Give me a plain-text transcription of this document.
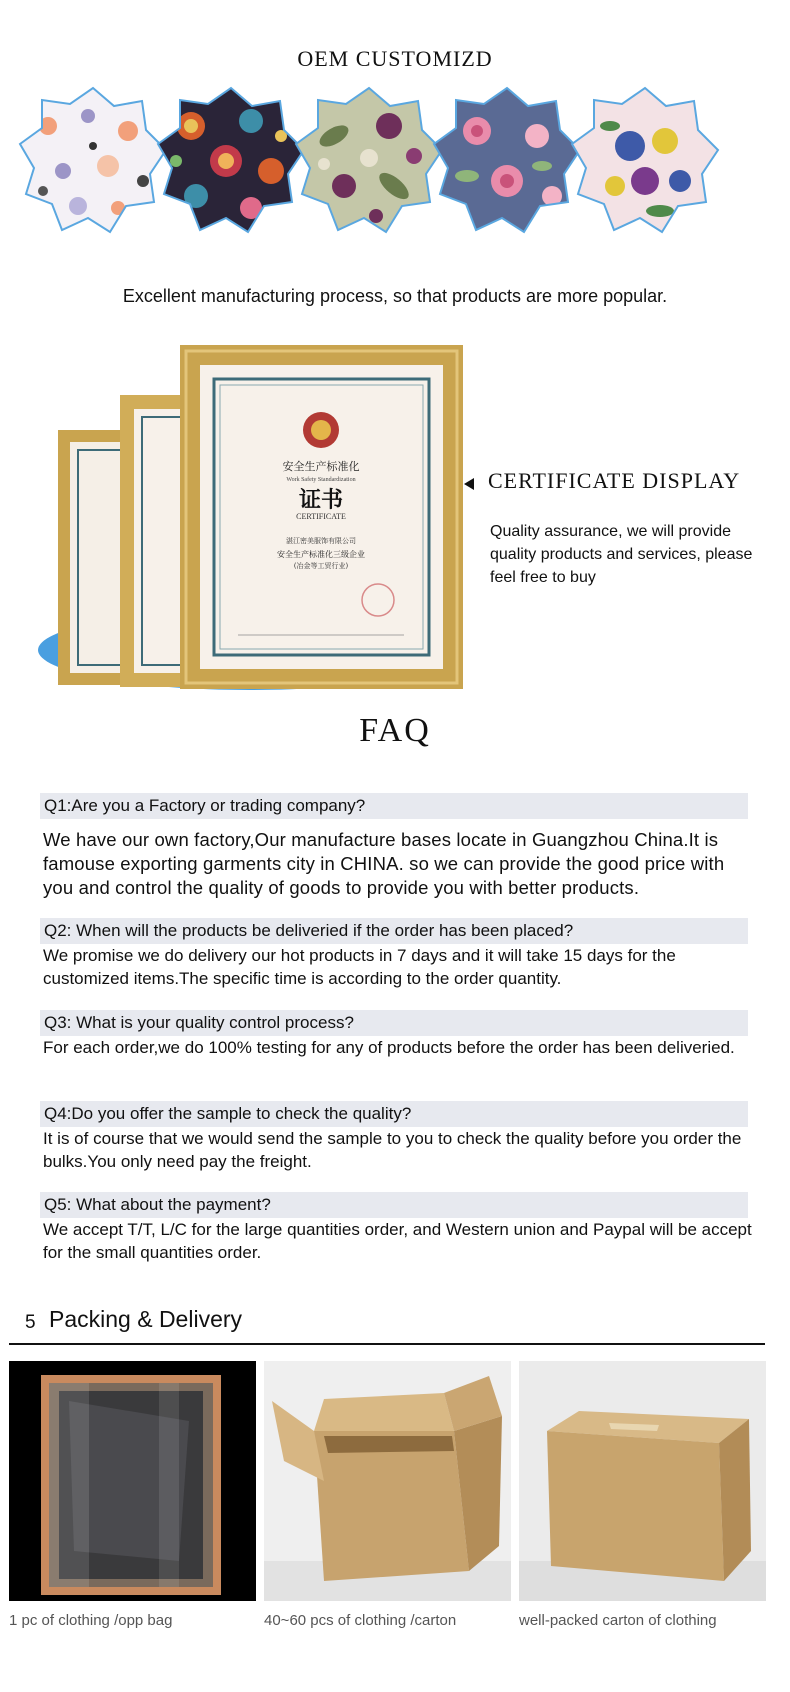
OEM CUSTOMIZD
Excellent manufacturing process, so that products are more popular.
安全生产标准化
Work Safety Standardization
证书
CERTIFICATE
湛江密美服饰有限公司
安全生产标准化三级企业
(冶金等工贸行业)
CERTIFICATE DISPLAY
Quality assurance, we will provide quality products and services, please feel free to buy
FAQ
Q1:Are you a Factory or trading company?
We have our own factory,Our manufacture bases locate in Guangzhou China.It is famouse exporting garments city in CHINA. so we can provide the good price with you and control the quality of goods to provide you with better products.
Q2: When will the products be deliveried if the order has been placed?
We promise we do delivery our hot products in 7 days and it will take 15 days for the customized items.The specific time is according to the order quantity.
Q3: What is your quality control process?
For each order,we do 100% testing for any of products before the order has been deliveried.
Q4:Do you offer the sample to check the quality?
It is of course that we would send the sample to you to check the quality before you order the bulks.You only need pay the freight.
Q5: What about the payment?
We accept T/T, L/C for the large quantities order, and Western union and Paypal will be accept for the small quantities order.
5 Packing & Delivery
1 pc of clothing /opp bag	40~60 pcs of clothing /carton	well-packed carton of clothing
